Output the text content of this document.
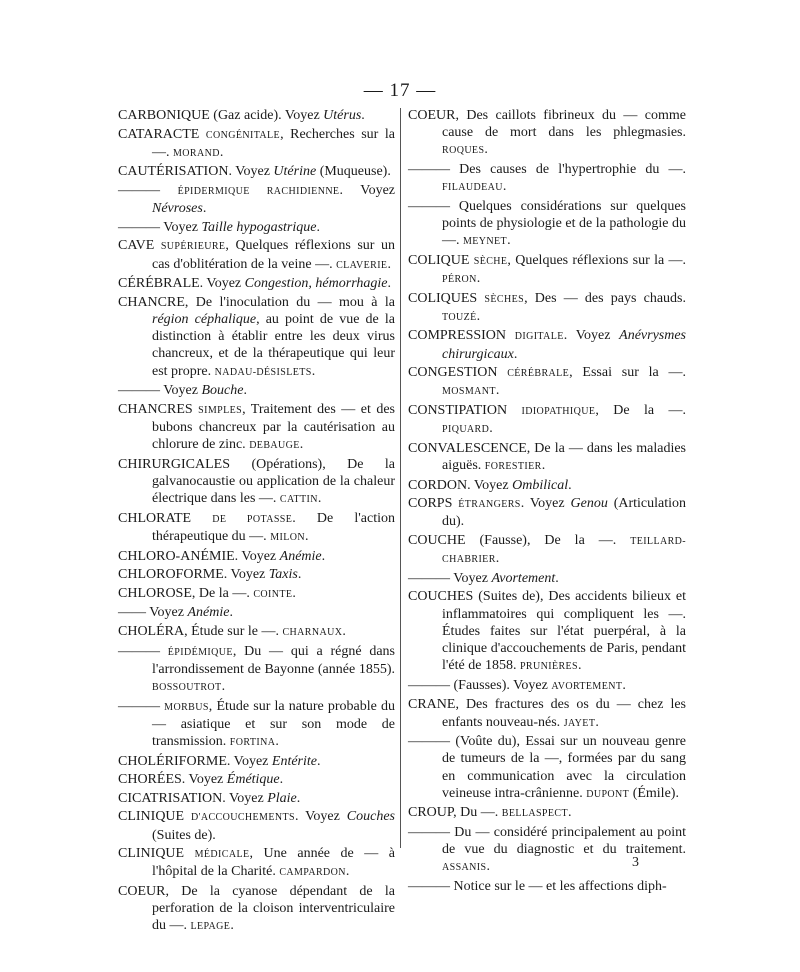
— 17 —

CARBONIQUE (Gaz acide). Voyez Utérus.

CATARACTE CONGÉNITALE, Recherches sur la —. MORAND.

CAUTÉRISATION. Voyez Utérine (Muqueuse).

——— ÉPIDERMIQUE RACHIDIENNE. Voyez Névroses.

——— Voyez Taille hypogastrique.

CAVE SUPÉRIEURE, Quelques réflexions sur un cas d'oblitération de la veine —. CLAVERIE.

CÉRÉBRALE. Voyez Congestion, hémorrhagie.

CHANCRE, De l'inoculation du — mou à la région céphalique, au point de vue de la distinction à établir entre les deux virus chancreux, et de la thérapeutique qui leur est propre. NADAU-DÉSISLETS.

——— Voyez Bouche.

CHANCRES SIMPLES, Traitement des — et des bubons chancreux par la cautérisation au chlorure de zinc. DEBAUGE.

CHIRURGICALES (Opérations), De la galvanocaustie ou application de la chaleur électrique dans les —. CATTIN.

CHLORATE DE POTASSE. De l'action thérapeutique du —. MILON.

CHLORO-ANÉMIE. Voyez Anémie.

CHLOROFORME. Voyez Taxis.

CHLOROSE, De la —. COINTE.

—— Voyez Anémie.

CHOLÉRA, Étude sur le —. CHARNAUX.

——— ÉPIDÉMIQUE, Du — qui a régné dans l'arrondissement de Bayonne (année 1855). BOSSOUTROT.

——— MORBUS, Étude sur la nature probable du — asiatique et sur son mode de transmission. FORTINA.

CHOLÉRIFORME. Voyez Entérite.

CHORÉES. Voyez Émétique.

CICATRISATION. Voyez Plaie.

CLINIQUE D'ACCOUCHEMENTS. Voyez Couches (Suites de).

CLINIQUE MÉDICALE, Une année de — à l'hôpital de la Charité. CAMPARDON.

COEUR, De la cyanose dépendant de la perforation de la cloison interventriculaire du —. LEPAGE.

COEUR, Des caillots fibrineux du — comme cause de mort dans les phlegmasies. ROQUES.

——— Des causes de l'hypertrophie du —. FILAUDEAU.

——— Quelques considérations sur quelques points de physiologie et de la pathologie du —. MEYNET.

COLIQUE SÈCHE, Quelques réflexions sur la —. PÉRON.

COLIQUES SÈCHES, Des — des pays chauds. TOUZÉ.

COMPRESSION DIGITALE. Voyez Anévrysmes chirurgicaux.

CONGESTION CÉRÉBRALE, Essai sur la —. MOSMANT.

CONSTIPATION IDIOPATHIQUE, De la —. PIQUARD.

CONVALESCENCE, De la — dans les maladies aiguës. FORESTIER.

CORDON. Voyez Ombilical.

CORPS ÉTRANGERS. Voyez Genou (Articulation du).

COUCHE (Fausse), De la —. TEILLARD-CHABRIER.

——— Voyez Avortement.

COUCHES (Suites de), Des accidents bilieux et inflammatoires qui compliquent les —. Études faites sur l'état puerpéral, à la clinique d'accouchements de Paris, pendant l'été de 1858. PRUNIÈRES.

——— (Fausses). Voyez AVORTEMENT.

CRANE, Des fractures des os du — chez les enfants nouveau-nés. JAYET.

——— (Voûte du), Essai sur un nouveau genre de tumeurs de la —, formées par du sang en communication avec la circulation veineuse intra-crânienne. DUPONT (Émile).

CROUP, Du —. BELLASPECT.

——— Du — considéré principalement au point de vue du diagnostic et du traitement. ASSANIS.

——— Notice sur le — et les affections diph-

3
